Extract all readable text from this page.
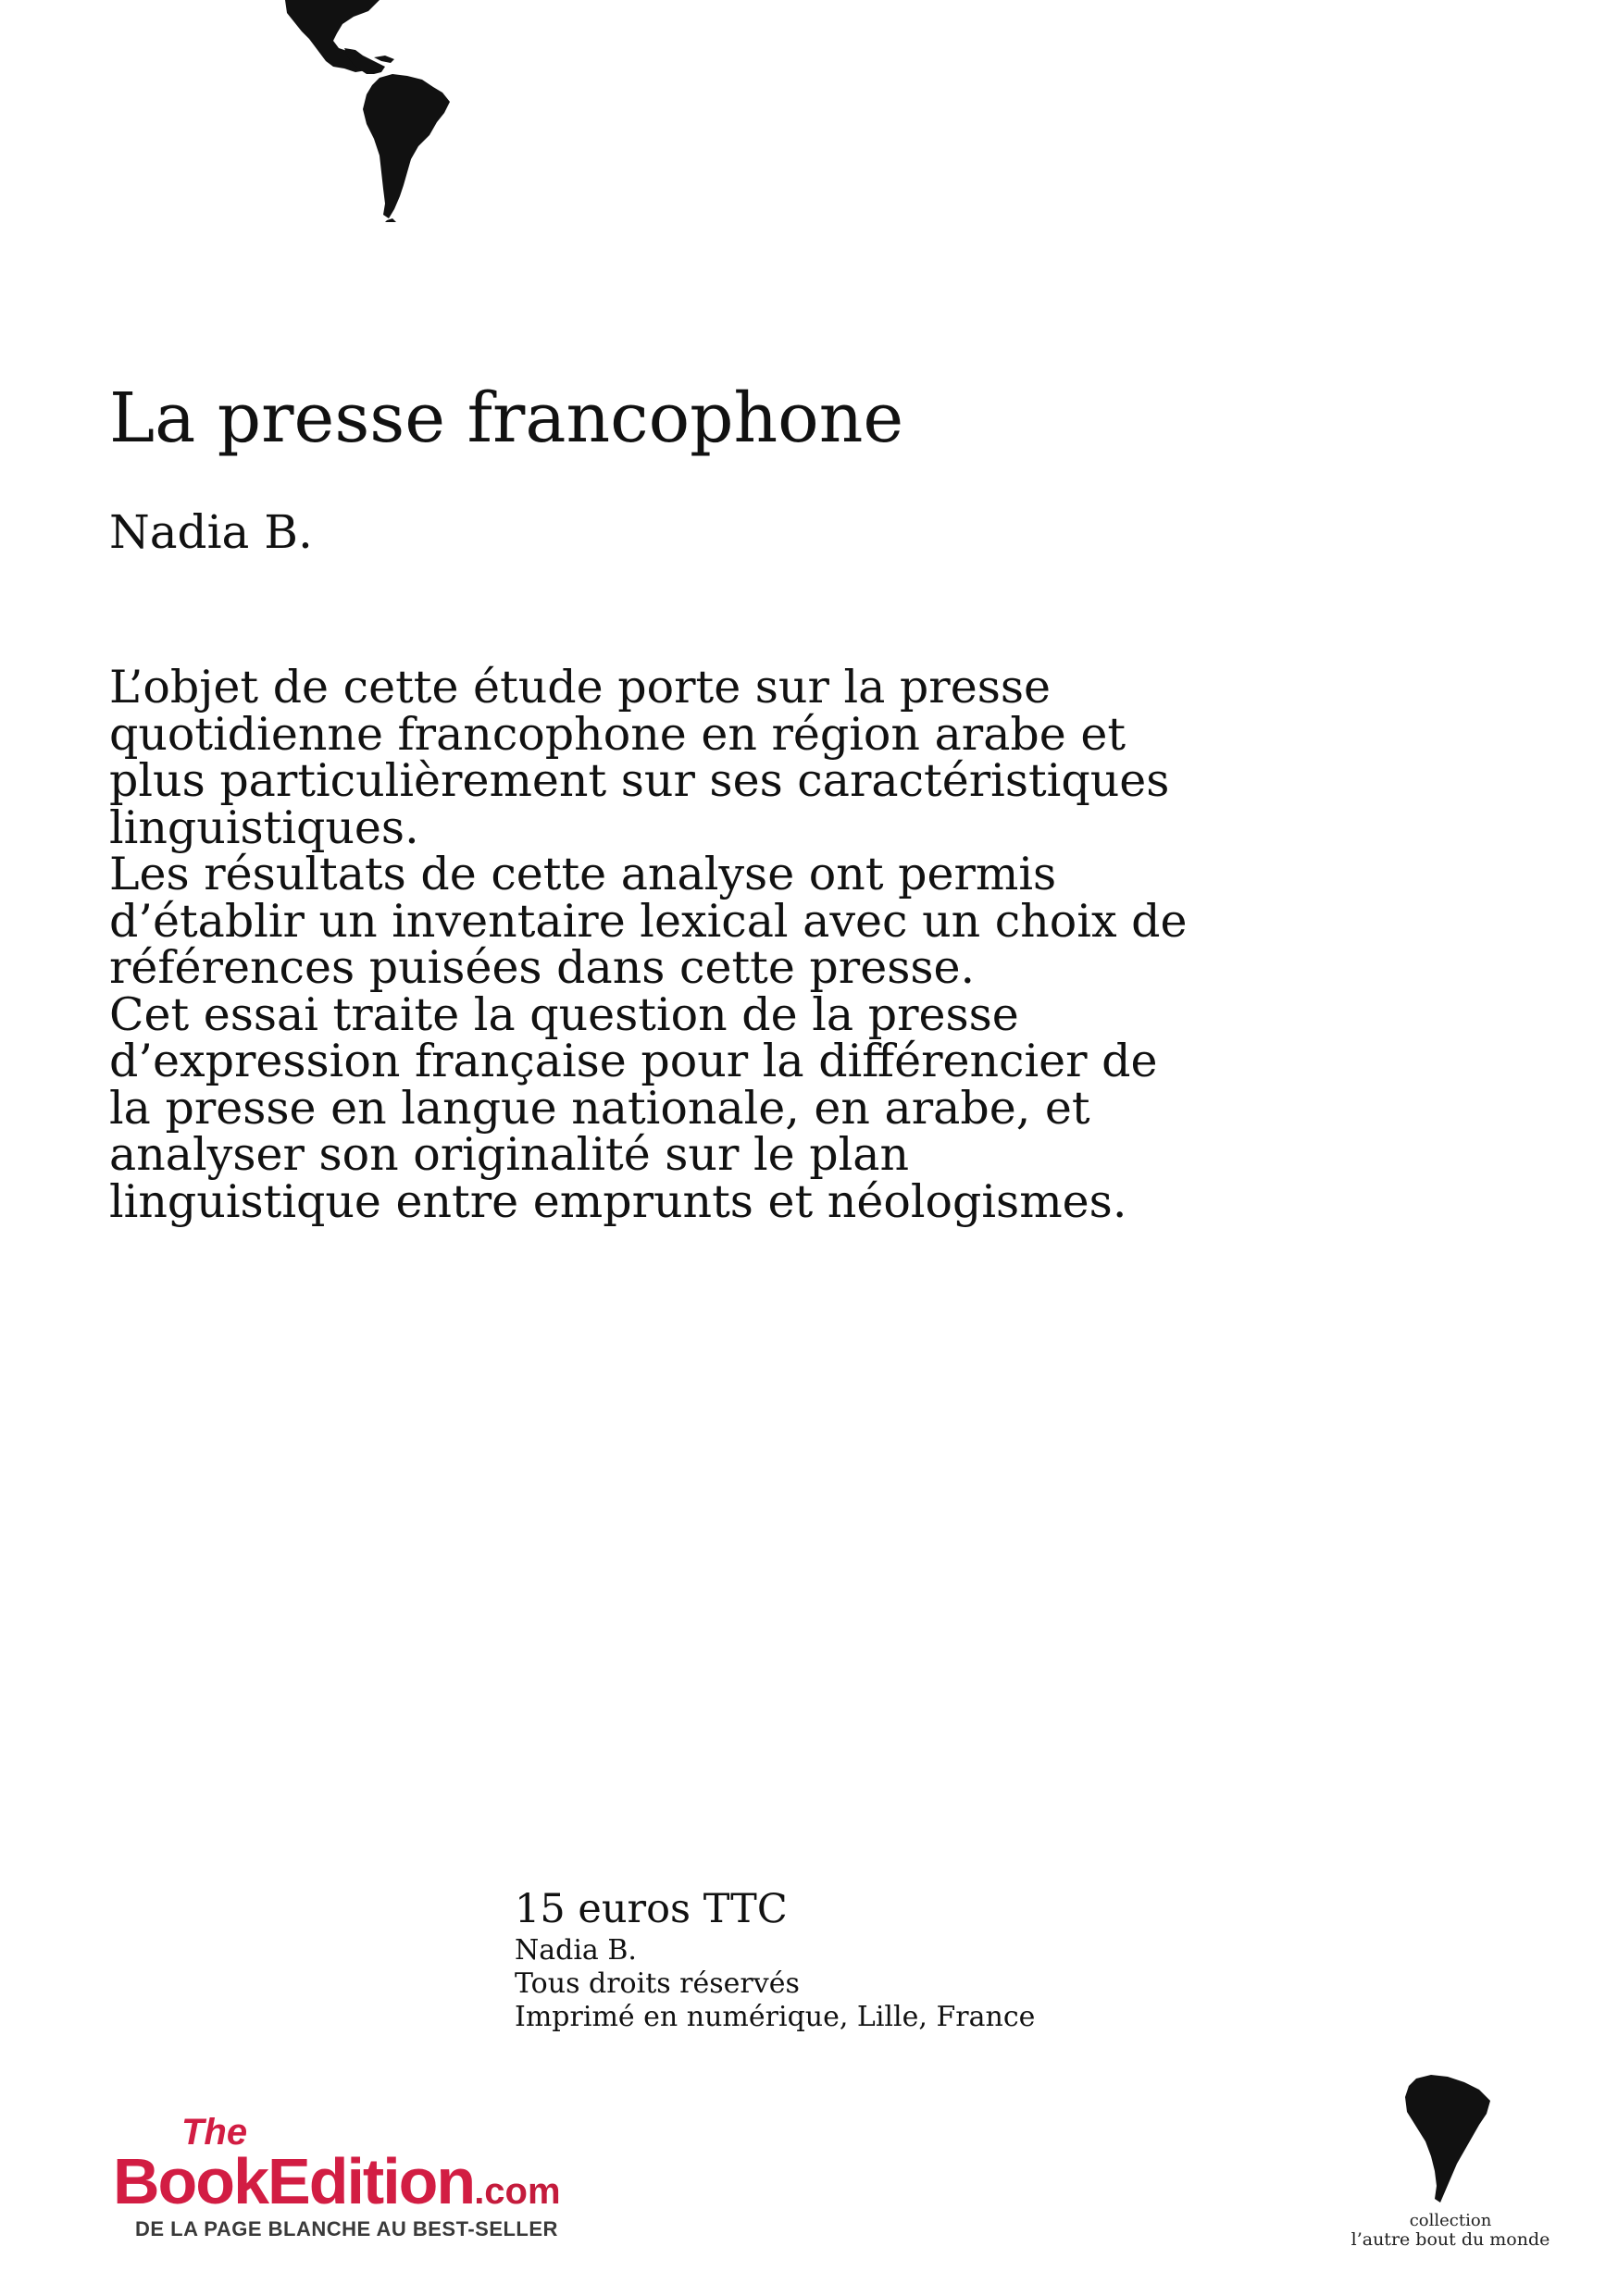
La presse francophone
Nadia B.

L’objet de cette étude porte sur la presse

quotidienne francophone en région arabe et

plus particulièrement sur ses caractéristiques

linguistiques.

Les résultats de cette analyse ont permis

d’établir un inventaire lexical avec un choix de

références puisées dans cette presse.

Cet essai traite la question de la presse

d’expression française pour la différencier de

la presse en langue nationale, en arabe, et

analyser son originalité sur le plan

linguistique entre emprunts et néologismes.

15 euros TTC
Nadia B.
Tous droits réservés
Imprimé en numérique, Lille, France
The
BookEdition.com
DE LA PAGE BLANCHE AU BEST-SELLER	collection
l’autre bout du monde
